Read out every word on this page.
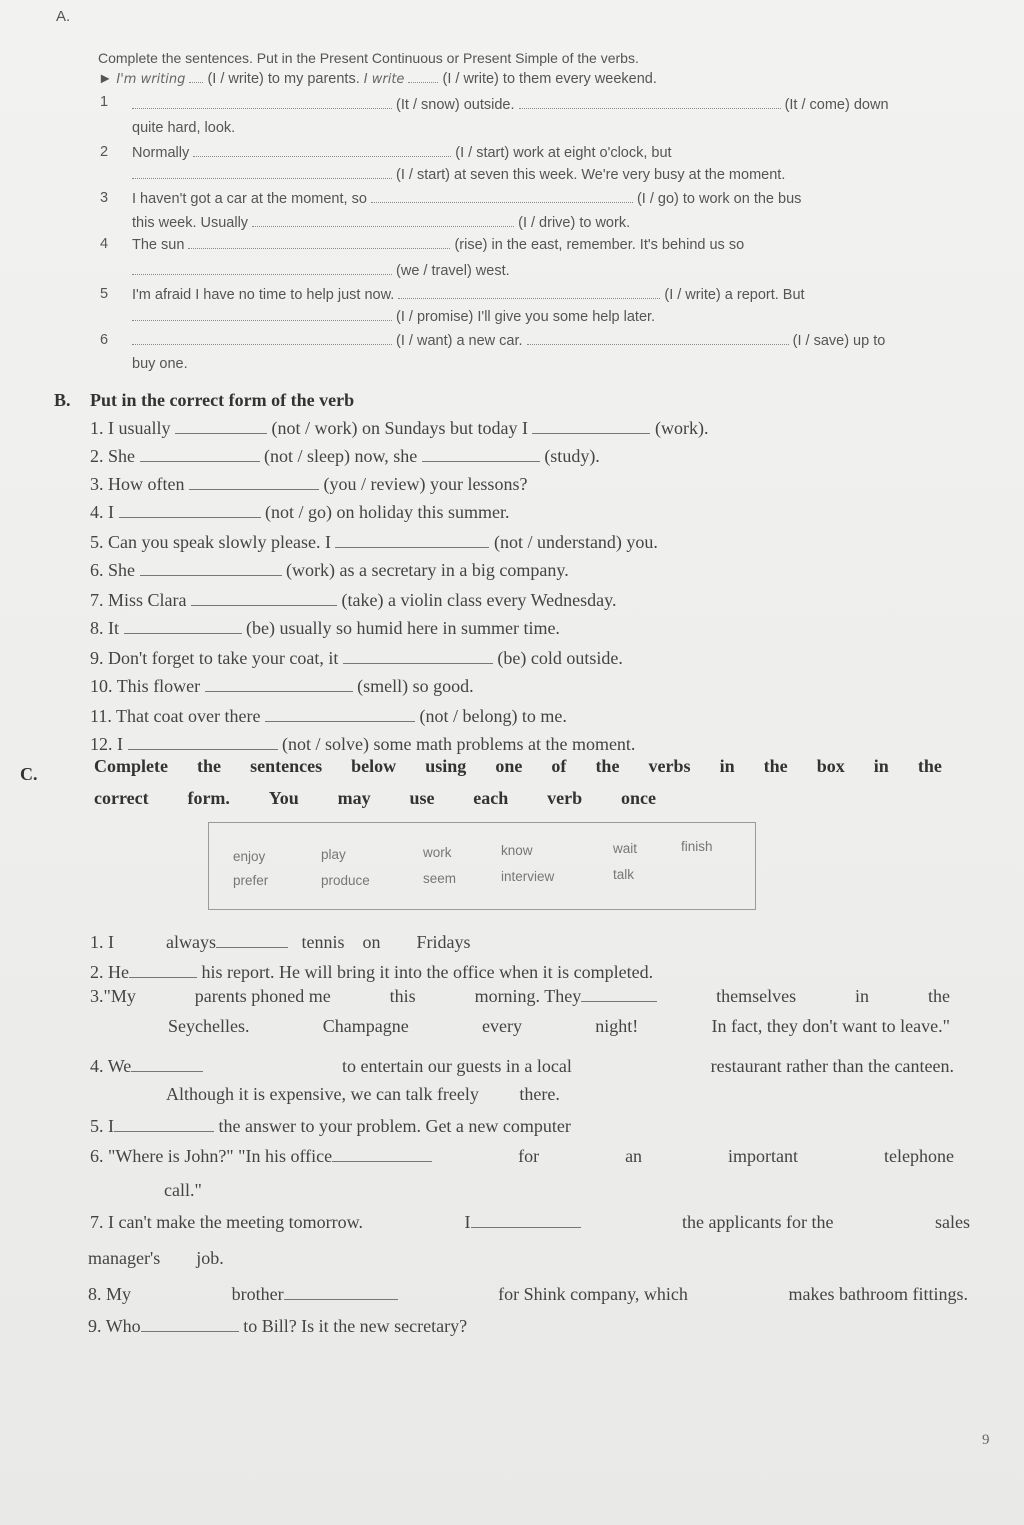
A.
Complete the sentences. Put in the Present Continuous or Present Simple of the verbs.
► I'm writing (I / write) to my parents. I write	(I / write) to them every weekend.
1	(It / snow) outside.	(It / come) down
quite hard, look.
2 Normally	(I / start) work at eight o'clock, but
(I / start) at seven this week. We're very busy at the moment.
3 I haven't got a car at the moment, so	(I / go) to work on the bus
this week. Usually	(I / drive) to work.
4 The sun	(rise) in the east, remember. It's behind us so
(we / travel) west.
5 I'm afraid I have no time to help just now.	(I / write) a report. But
(I / promise) I'll give you some help later.
6	(I / want) a new car.	(I / save) up to
buy one.
B. Put in the correct form of the verb
1. I usually	(not / work) on Sundays but today I	(work).
2. She	(not / sleep) now, she	(study).
3. How often	(you / review) your lessons?
4. I	(not / go) on holiday this summer.
5. Can you speak slowly please. I	(not / understand) you.
6. She	(work) as a secretary in a big company.
7. Miss Clara	(take) a violin class every Wednesday.
8. It	(be) usually so humid here in summer time.
9. Don't forget to take your coat, it	(be) cold outside.
10. This flower	(smell) so good.
11. That coat over there	(not / belong) to me.
12. I	(not / solve) some math problems at the moment.
C.	Complete the sentences below using one of the verbs in the box in the
correct form. You may use each verb once
enjoy	play	work	know	wait	finish
prefer	produce	seem	interview	talk
1. I	always	tennis on Fridays
2. He	his report. He will bring it into the office when it is completed.
3."My	parents phoned me	this	morning. They	themselves	in	the
Seychelles.	Champagne	every	night!	In fact, they don't want to leave."
4. We	to entertain our guests in a local	restaurant rather than the canteen.
Although it is expensive, we can talk freely there.
5. I	the answer to your problem. Get a new computer
6. "Where is John?" "In his office	for	an	important	telephone
call."
7. I can't make the meeting tomorrow.	I	the applicants for the	sales
manager's job.
8. My	brother	for Shink company, which	makes bathroom fittings.
9. Who	to Bill? Is it the new secretary?
9
